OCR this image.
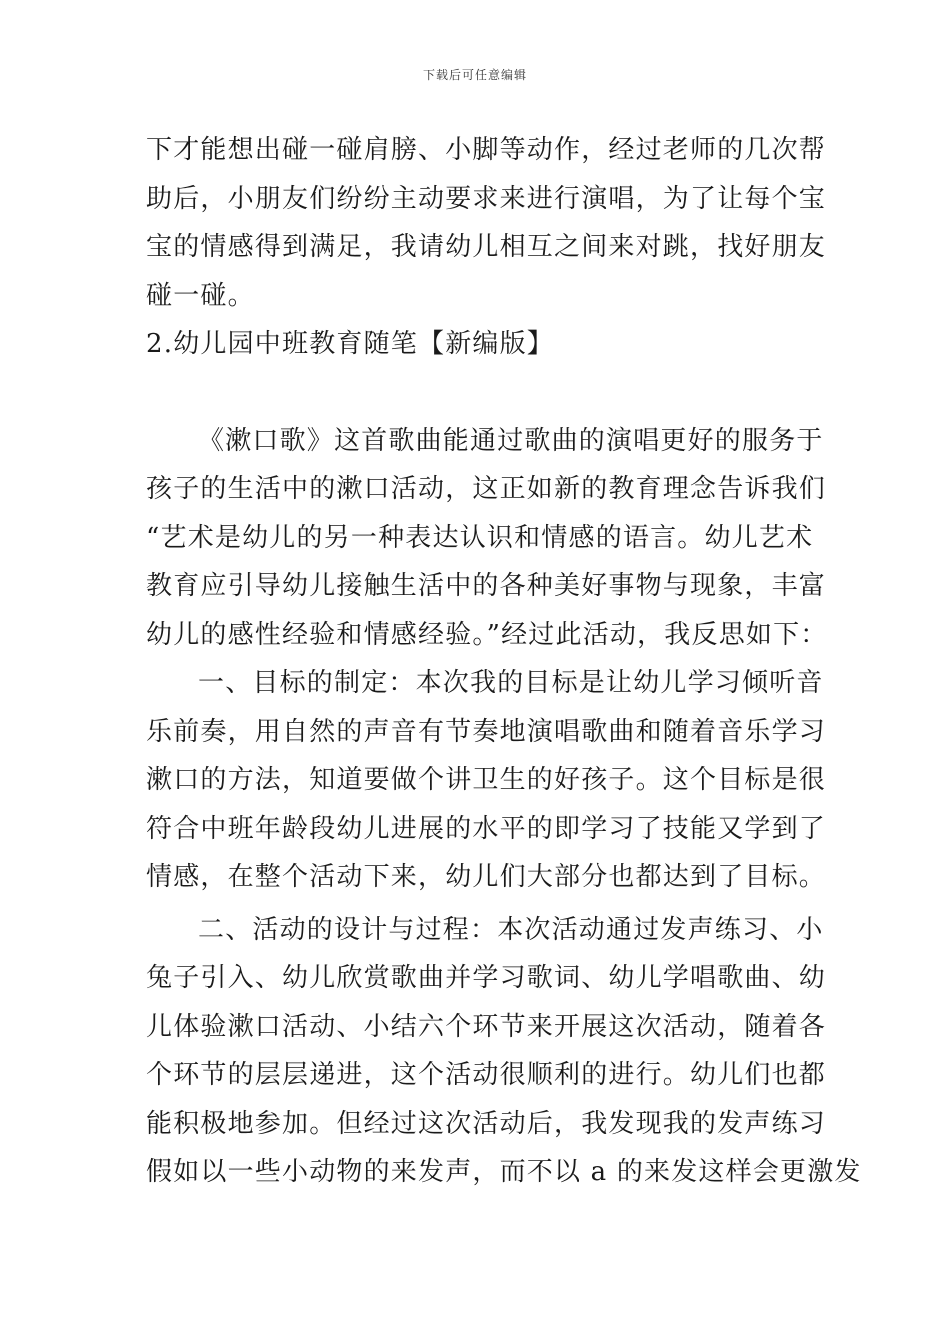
下载后可任意编辑
下才能想出碰一碰肩膀、小脚等动作，经过老师的几次帮
助后，小朋友们纷纷主动要求来进行演唱，为了让每个宝
宝的情感得到满足，我请幼儿相互之间来对跳，找好朋友
碰一碰。
2.幼儿园中班教育随笔【新编版】
《漱口歌》这首歌曲能通过歌曲的演唱更好的服务于
孩子的生活中的漱口活动，这正如新的教育理念告诉我们
“艺术是幼儿的另一种表达认识和情感的语言。幼儿艺术
教育应引导幼儿接触生活中的各种美好事物与现象，丰富
幼儿的感性经验和情感经验。”经过此活动，我反思如下：
一、目标的制定：本次我的目标是让幼儿学习倾听音
乐前奏，用自然的声音有节奏地演唱歌曲和随着音乐学习
漱口的方法，知道要做个讲卫生的好孩子。这个目标是很
符合中班年龄段幼儿进展的水平的即学习了技能又学到了
情感，在整个活动下来，幼儿们大部分也都达到了目标。
二、活动的设计与过程：本次活动通过发声练习、小
兔子引入、幼儿欣赏歌曲并学习歌词、幼儿学唱歌曲、幼
儿体验漱口活动、小结六个环节来开展这次活动，随着各
个环节的层层递进，这个活动很顺利的进行。幼儿们也都
能积极地参加。但经过这次活动后，我发现我的发声练习
假如以一些小动物的来发声，而不以 a 的来发这样会更激发
